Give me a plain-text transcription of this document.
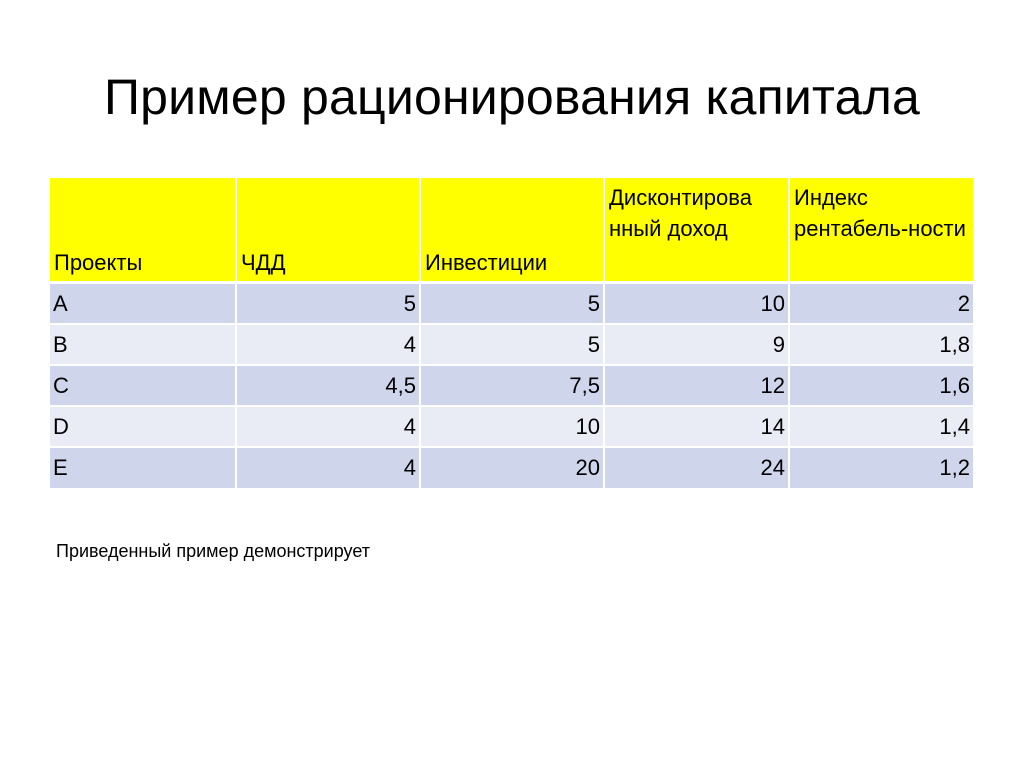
Пример рационирования капитала
Проекты	ЧДД	Инвестиции	Дисконтирова нный доход	Индекс рентабель-ности
A	5	5	10	2
B	4	5	9	1,8
C	4,5	7,5	12	1,6
D	4	10	14	1,4
E	4	20	24	1,2

Приведенный пример демонстрирует
